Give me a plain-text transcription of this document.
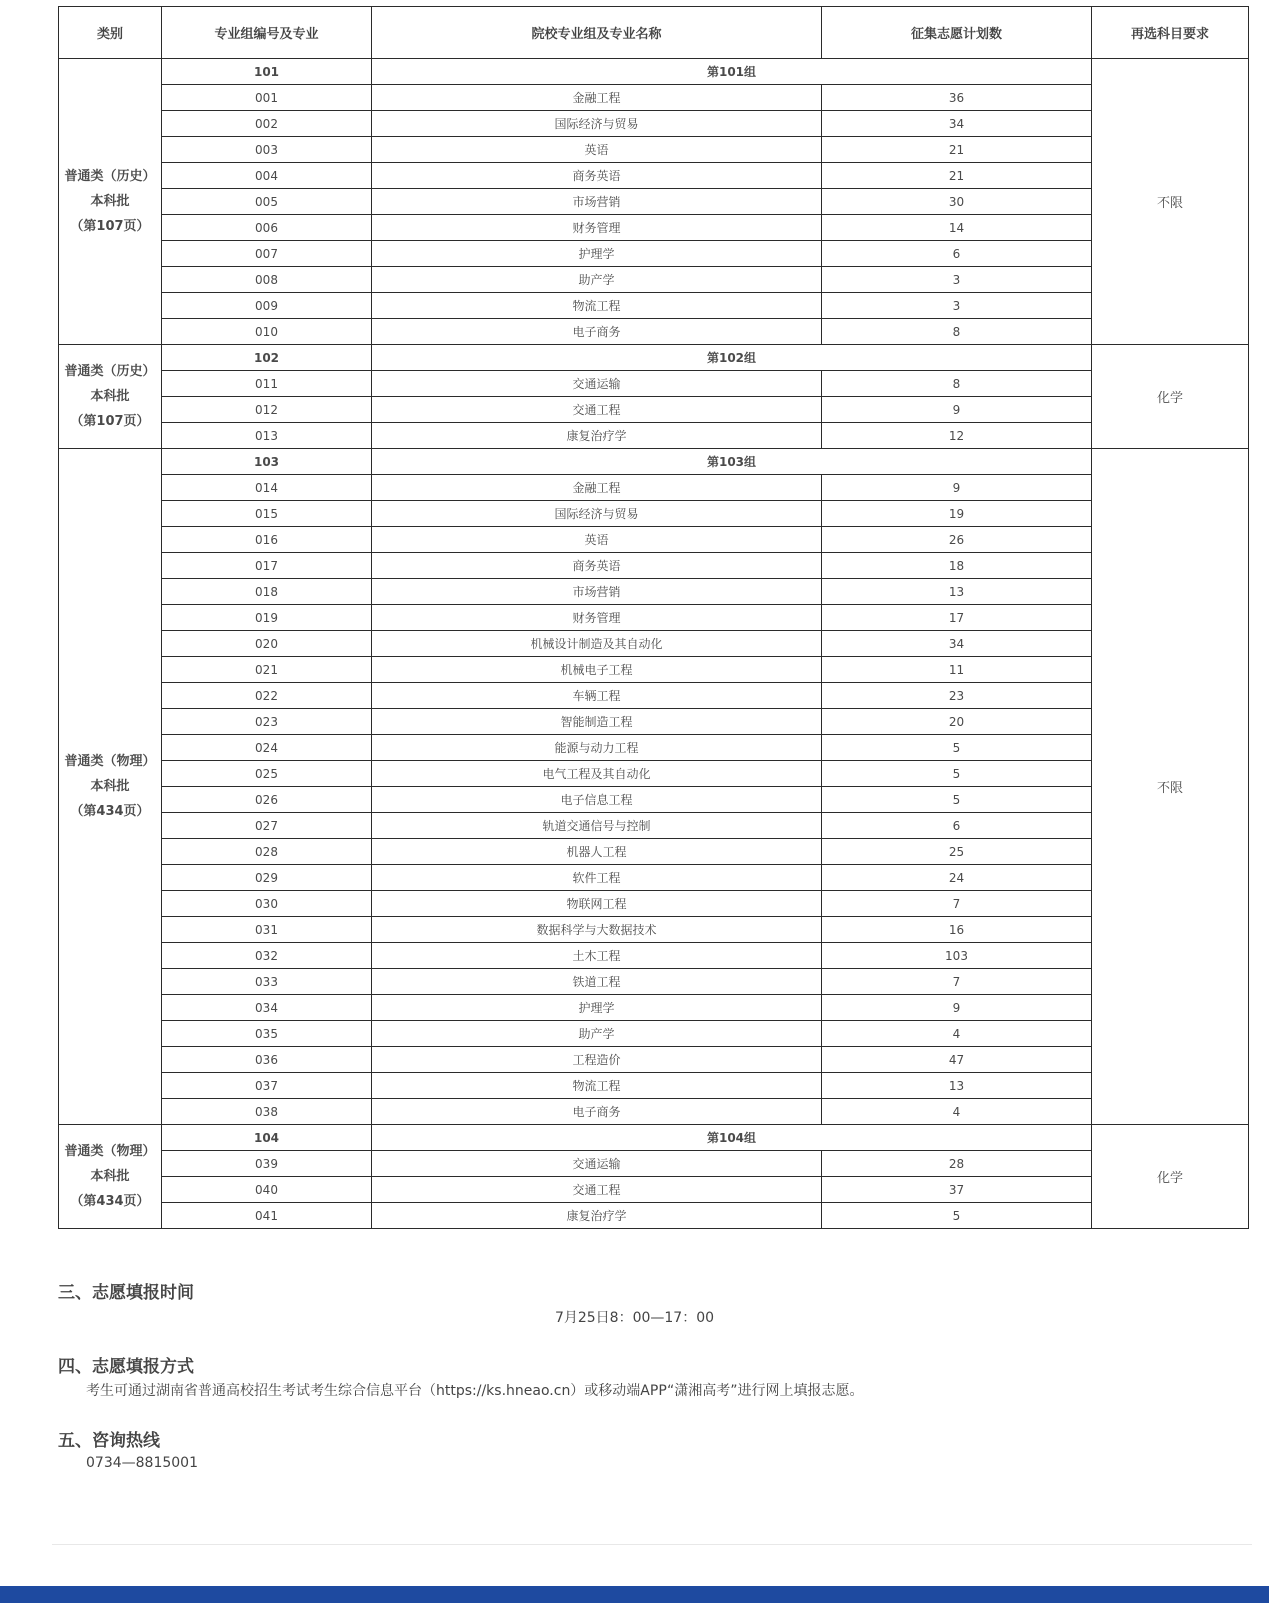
类别	专业组编号及专业	院校专业组及专业名称	征集志愿计划数	再选科目要求

普通类（历史）
本科批
（第107页）	101	第101组		不限
	001	金融工程	36	
	002	国际经济与贸易	34	
	003	英语	21	
	004	商务英语	21	
	005	市场营销	30	
	006	财务管理	14	
	007	护理学	6	
	008	助产学	3	
	009	物流工程	3	
	010	电子商务	8	

普通类（历史）
本科批
（第107页）	102	第102组		化学
	011	交通运输	8	
	012	交通工程	9	
	013	康复治疗学	12	

普通类（物理）
本科批
（第434页）	103	第103组		不限
	014	金融工程	9	
	015	国际经济与贸易	19	
	016	英语	26	
	017	商务英语	18	
	018	市场营销	13	
	019	财务管理	17	
	020	机械设计制造及其自动化	34	
	021	机械电子工程	11	
	022	车辆工程	23	
	023	智能制造工程	20	
	024	能源与动力工程	5	
	025	电气工程及其自动化	5	
	026	电子信息工程	5	
	027	轨道交通信号与控制	6	
	028	机器人工程	25	
	029	软件工程	24	
	030	物联网工程	7	
	031	数据科学与大数据技术	16	
	032	土木工程	103	
	033	铁道工程	7	
	034	护理学	9	
	035	助产学	4	
	036	工程造价	47	
	037	物流工程	13	
	038	电子商务	4	

普通类（物理）
本科批
（第434页）	104	第104组		化学
	039	交通运输	28	
	040	交通工程	37	
	041	康复治疗学	5	
三、志愿填报时间

7月25日8：00—17：00

四、志愿填报方式

考生可通过湖南省普通高校招生考试考生综合信息平台（https://ks.hneao.cn）或移动端APP“潇湘高考”进行网上填报志愿。

五、咨询热线

0734—8815001
